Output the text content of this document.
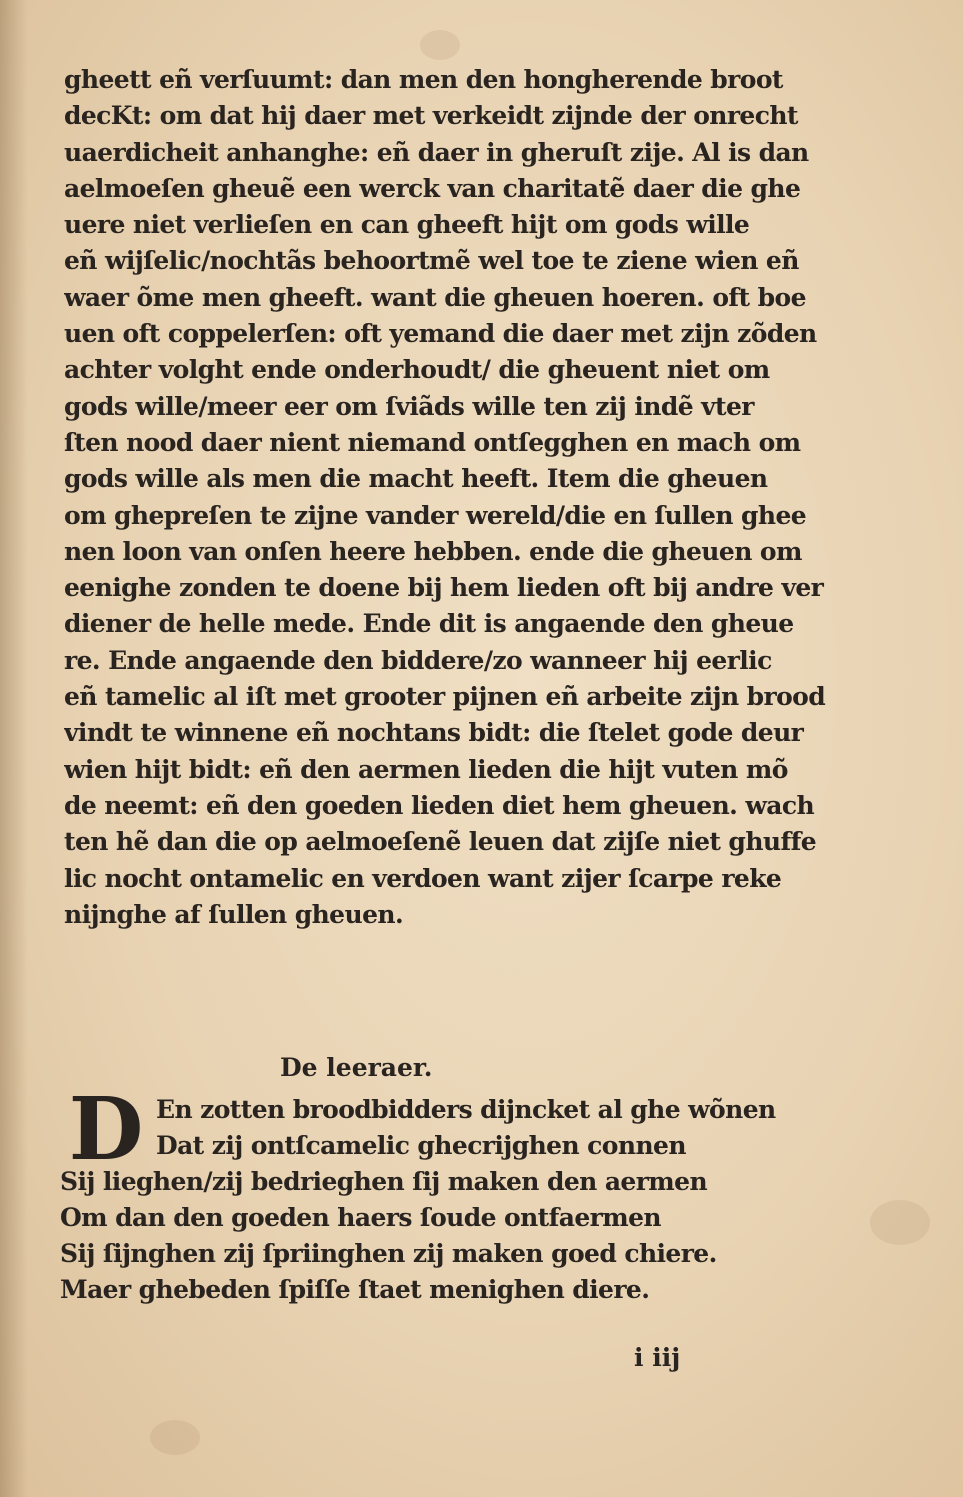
gheett eñ verſuumt: dan men den hongherende broot
decKt: om dat hij daer met verkeidt zijnde der onrecht
uaerdicheit anhanghe: eñ daer in gheruſt zije. Al is dan
aelmoeſen gheuẽ een werck van charitatẽ daer die ghe
uere niet verlieſen en can gheeft hijt om gods wille
eñ wijſelic/nochtãs behoortmẽ wel toe te ziene wien eñ
waer õme men gheeft. want die gheuen hoeren. oft boe
uen oft coppelerſen: oft yemand die daer met zijn zõden
achter volght ende onderhoudt/ die gheuent niet om
gods wille/meer eer om ſviãds wille ten zij indẽ vter
ſten nood daer nient niemand ontſegghen en mach om
gods wille als men die macht heeft. Item die gheuen
om ghepreſen te zijne vander wereld/die en ſullen ghee
nen loon van onſen heere hebben. ende die gheuen om
eenighe zonden te doene bij hem lieden oft bij andre ver
diener de helle mede. Ende dit is angaende den gheue
re. Ende angaende den biddere/zo wanneer hij eerlic
eñ tamelic al iſt met grooter pijnen eñ arbeite zijn brood
vindt te winnene eñ nochtans bidt: die ſtelet gode deur
wien hijt bidt: eñ den aermen lieden die hijt vuten mõ
de neemt: eñ den goeden lieden diet hem gheuen. wach
ten hẽ dan die op aelmoeſenẽ leuen dat zijſe niet ghuffe
lic nocht ontamelic en verdoen want zijer ſcarpe reke
nijnghe af ſullen gheuen.
De leeraer.
D En zotten broodbidders dijncket al ghe wõnen
Dat zij ontſcamelic ghecrijghen connen
Sij lieghen/zij bedrieghen ſij maken den aermen
Om dan den goeden haers ſoude ontfaermen
Sij ſijnghen zij ſpriinghen zij maken goed chiere.
Maer ghebeden ſpiſſe ſtaet menighen diere.
i iij
